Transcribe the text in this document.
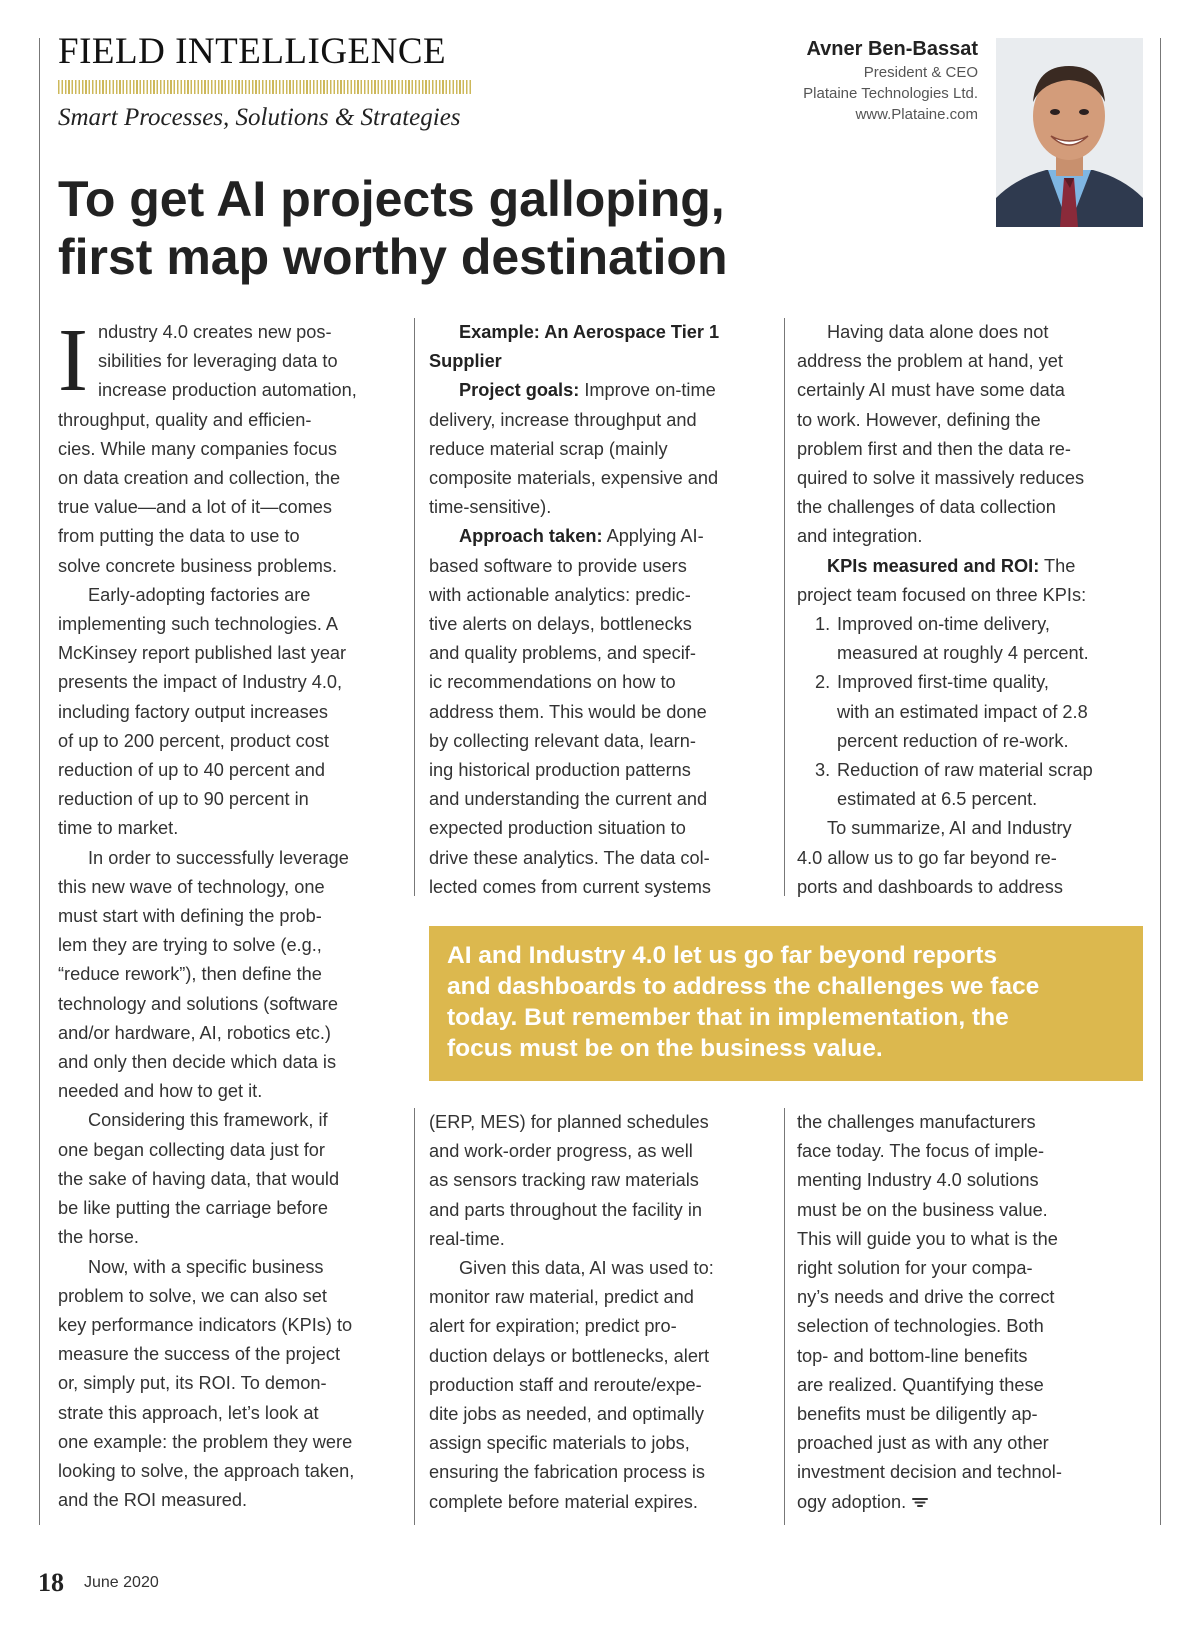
FIELD INTELLIGENCE
Smart Processes, Solutions & Strategies
Avner Ben-Bassat
President & CEO
Plataine Technologies Ltd.
www.Plataine.com
To get AI projects galloping,
first map worthy destination
I ndustry 4.0 creates new pos-

sibilities for leveraging data to

increase production automation,

throughput, quality and efficien-

cies. While many companies focus

on data creation and collection, the

true value—and a lot of it—comes

from putting the data to use to

solve concrete business problems.

Early-adopting factories are

implementing such technologies. A

McKinsey report published last year

presents the impact of Industry 4.0,

including factory output increases

of up to 200 percent, product cost

reduction of up to 40 percent and

reduction of up to 90 percent in

time to market.

In order to successfully leverage

this new wave of technology, one

must start with defining the prob-

lem they are trying to solve (e.g.,

“reduce rework”), then define the

technology and solutions (software

and/or hardware, AI, robotics etc.)

and only then decide which data is

needed and how to get it.

Considering this framework, if

one began collecting data just for

the sake of having data, that would

be like putting the carriage before

the horse.

Now, with a specific business

problem to solve, we can also set

key performance indicators (KPIs) to

measure the success of the project

or, simply put, its ROI. To demon-

strate this approach, let’s look at

one example: the problem they were

looking to solve, the approach taken,

and the ROI measured.

Example: An Aerospace Tier 1

Supplier

Project goals: Improve on-time

delivery, increase throughput and

reduce material scrap (mainly

composite materials, expensive and

time-sensitive).

Approach taken: Applying AI-

based software to provide users

with actionable analytics: predic-

tive alerts on delays, bottlenecks

and quality problems, and specif-

ic recommendations on how to

address them. This would be done

by collecting relevant data, learn-

ing historical production patterns

and understanding the current and

expected production situation to

drive these analytics. The data col-

lected comes from current systems

Having data alone does not

address the problem at hand, yet

certainly AI must have some data

to work. However, defining the

problem first and then the data re-

quired to solve it massively reduces

the challenges of data collection

and integration.

KPIs measured and ROI: The

project team focused on three KPIs:

1. Improved on-time delivery,

measured at roughly 4 percent.

2. Improved first-time quality,

with an estimated impact of 2.8

percent reduction of re-work.

3. Reduction of raw material scrap

estimated at 6.5 percent.

To summarize, AI and Industry

4.0 allow us to go far beyond re-

ports and dashboards to address

AI and Industry 4.0 let us go far beyond reports

and dashboards to address the challenges we face

today. But remember that in implementation, the

focus must be on the business value.

(ERP, MES) for planned schedules

and work-order progress, as well

as sensors tracking raw materials

and parts throughout the facility in

real-time.

Given this data, AI was used to:

monitor raw material, predict and

alert for expiration; predict pro-

duction delays or bottlenecks, alert

production staff and reroute/expe-

dite jobs as needed, and optimally

assign specific materials to jobs,

ensuring the fabrication process is

complete before material expires.

the challenges manufacturers

face today. The focus of imple-

menting Industry 4.0 solutions

must be on the business value.

This will guide you to what is the

right solution for your compa-

ny’s needs and drive the correct

selection of technologies. Both

top- and bottom-line benefits

are realized. Quantifying these

benefits must be diligently ap-

proached just as with any other

investment decision and technol-

ogy adoption.

18 June 2020
